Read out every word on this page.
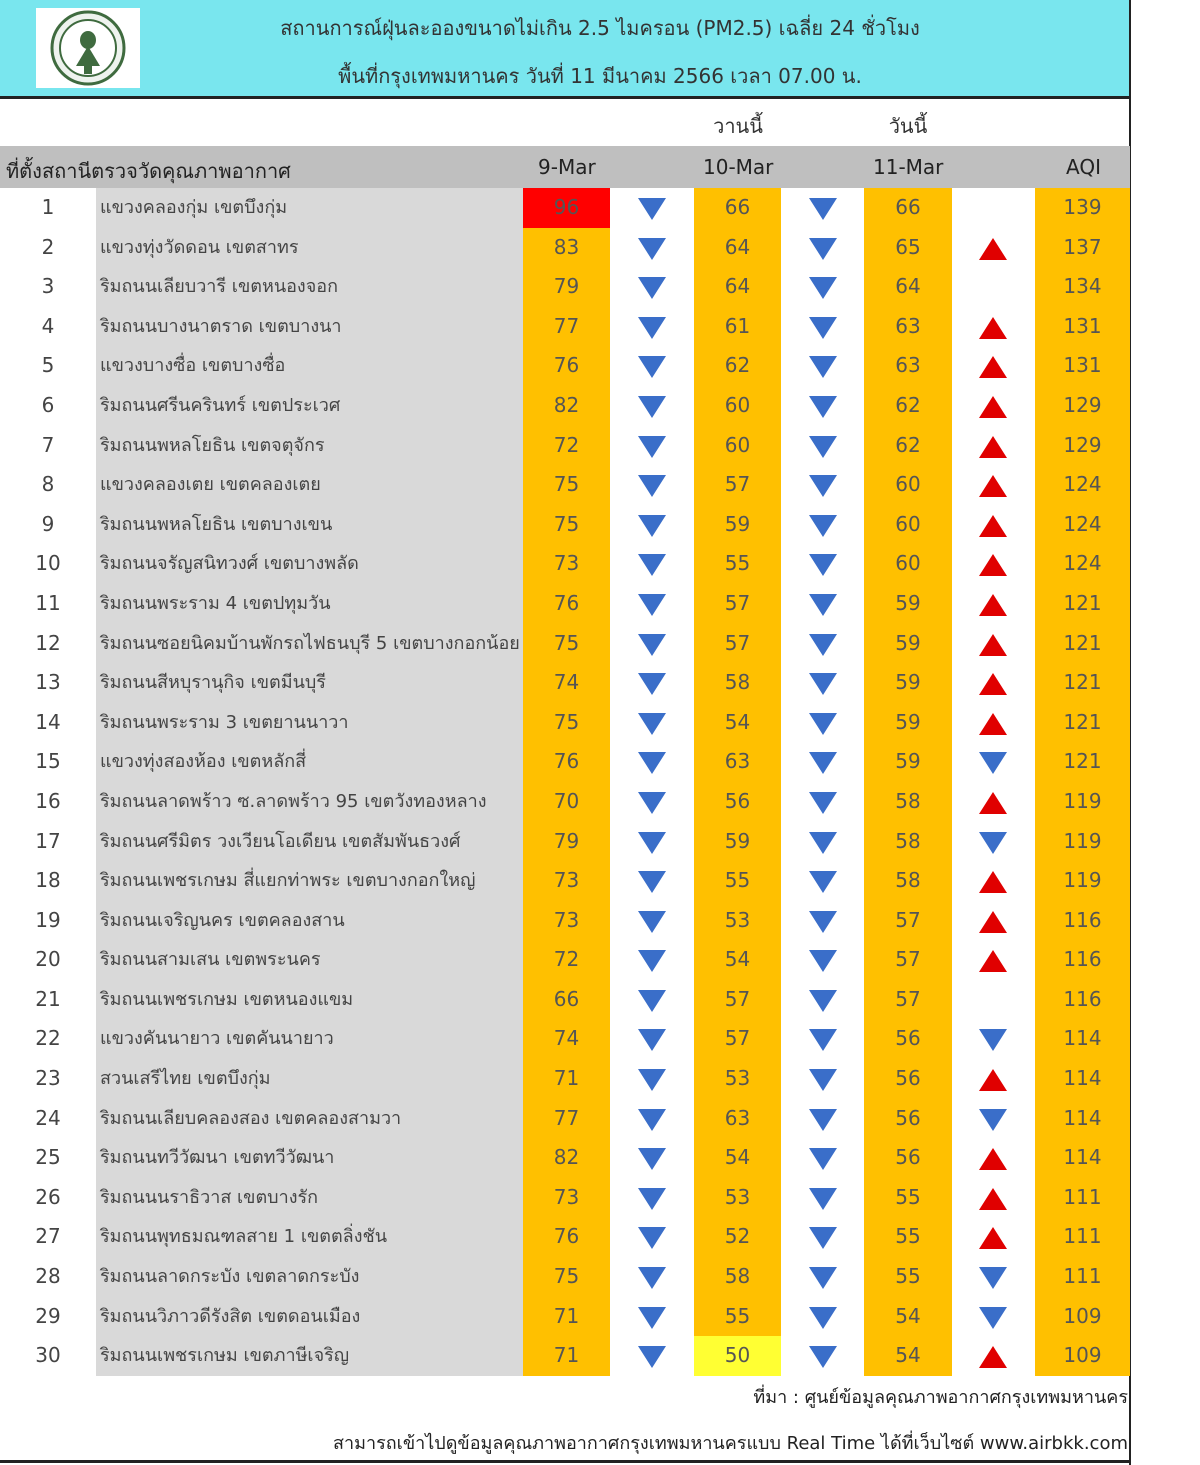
สถานการณ์ฝุ่นละอองขนาดไม่เกิน 2.5 ไมครอน (PM2.5) เฉลี่ย 24 ชั่วโมง
พื้นที่กรุงเทพมหานคร วันที่ 11 มีนาคม 2566 เวลา 07.00 น.
วานนี้	วันนี้
ที่ตั้งสถานีตรวจวัดคุณภาพอากาศ	9-Mar	10-Mar	11-Mar	AQI
1	แขวงคลองกุ่ม เขตบึงกุ่ม	96	66	66	139
2	แขวงทุ่งวัดดอน เขตสาทร	83	64	65	137
3	ริมถนนเลียบวารี เขตหนองจอก	79	64	64	134
4	ริมถนนบางนาตราด เขตบางนา	77	61	63	131
5	แขวงบางซื่อ เขตบางซื่อ	76	62	63	131
6	ริมถนนศรีนครินทร์ เขตประเวศ	82	60	62	129
7	ริมถนนพหลโยธิน เขตจตุจักร	72	60	62	129
8	แขวงคลองเตย เขตคลองเตย	75	57	60	124
9	ริมถนนพหลโยธิน เขตบางเขน	75	59	60	124
10	ริมถนนจรัญสนิทวงศ์ เขตบางพลัด	73	55	60	124
11	ริมถนนพระราม 4 เขตปทุมวัน	76	57	59	121
12	ริมถนนซอยนิคมบ้านพักรถไฟธนบุรี 5 เขตบางกอกน้อย	75	57	59	121
13	ริมถนนสีหบุรานุกิจ เขตมีนบุรี	74	58	59	121
14	ริมถนนพระราม 3 เขตยานนาวา	75	54	59	121
15	แขวงทุ่งสองห้อง เขตหลักสี่	76	63	59	121
16	ริมถนนลาดพร้าว ซ.ลาดพร้าว 95 เขตวังทองหลาง	70	56	58	119
17	ริมถนนศรีมิตร วงเวียนโอเดียน เขตสัมพันธวงศ์	79	59	58	119
18	ริมถนนเพชรเกษม สี่แยกท่าพระ เขตบางกอกใหญ่	73	55	58	119
19	ริมถนนเจริญนคร เขตคลองสาน	73	53	57	116
20	ริมถนนสามเสน เขตพระนคร	72	54	57	116
21	ริมถนนเพชรเกษม เขตหนองแขม	66	57	57	116
22	แขวงคันนายาว เขตคันนายาว	74	57	56	114
23	สวนเสรีไทย เขตบึงกุ่ม	71	53	56	114
24	ริมถนนเลียบคลองสอง เขตคลองสามวา	77	63	56	114
25	ริมถนนทวีวัฒนา เขตทวีวัฒนา	82	54	56	114
26	ริมถนนนราธิวาส เขตบางรัก	73	53	55	111
27	ริมถนนพุทธมณฑลสาย 1 เขตตลิ่งชัน	76	52	55	111
28	ริมถนนลาดกระบัง เขตลาดกระบัง	75	58	55	111
29	ริมถนนวิภาวดีรังสิต เขตดอนเมือง	71	55	54	109
30	ริมถนนเพชรเกษม เขตภาษีเจริญ	71	50	54	109
ที่มา : ศูนย์ข้อมูลคุณภาพอากาศกรุงเทพมหานคร
สามารถเข้าไปดูข้อมูลคุณภาพอากาศกรุงเทพมหานครแบบ Real Time ได้ที่เว็บไซต์ www.airbkk.com
